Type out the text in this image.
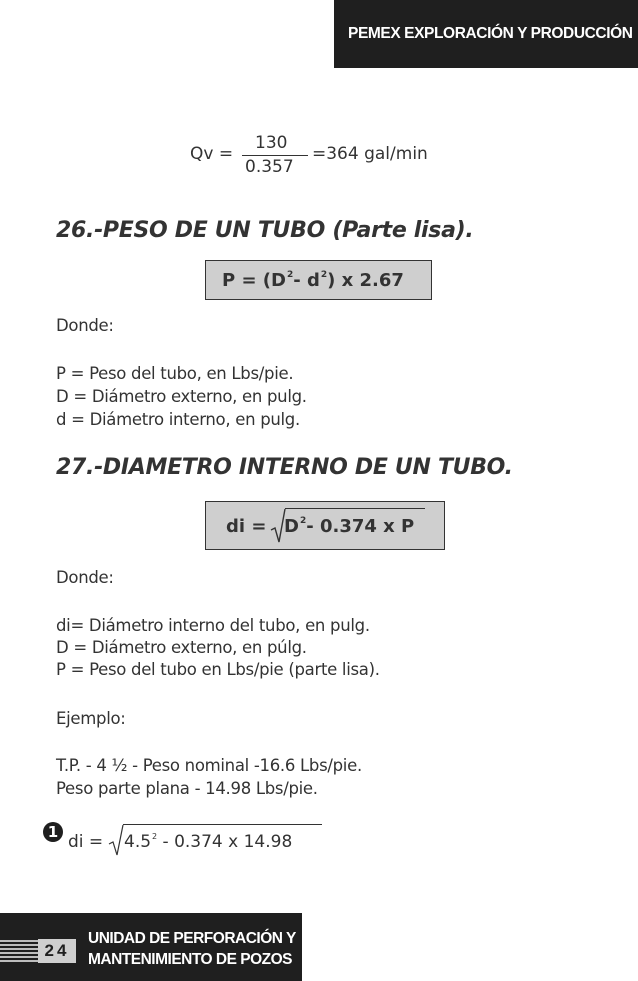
PEMEX EXPLORACIÓN Y PRODUCCIÓN
Qv =
130
0.357
=364 gal/min
26.-PESO DE UN TUBO (Parte lisa).
$P = (D^2-$ $d^2$) x 2.67
Donde:
P = Peso del tubo, en Lbs/pie.
D = Diámetro externo, en pulg.
d = Diámetro interno, en pulg.
27.-DIAMETRO INTERNO DE UN TUBO.
di = $D^2-$ 0.374 x P
Donde:
di= Diámetro interno del tubo, en pulg.
D = Diámetro externo, en púlg.
P = Peso del tubo en Lbs/pie (parte lisa).
Ejemplo:
T.P. - 4 ½ - Peso nominal -16.6 Lbs/pie.
Peso parte plana - 14.98 Lbs/pie.
1 di = $4.5^2 - 0.374$ x 14.98
24
UNIDAD DE PERFORACIÓN Y
MANTENIMIENTO DE POZOS
